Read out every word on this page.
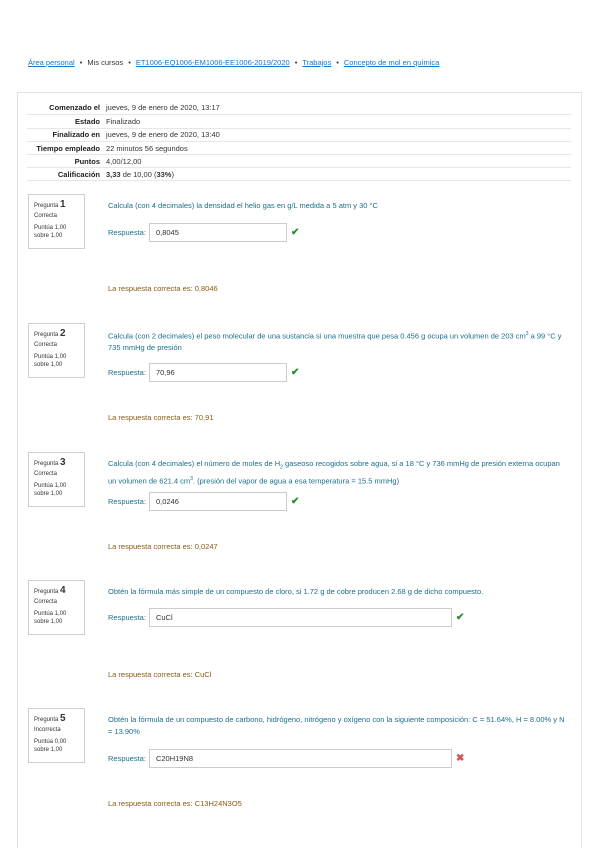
Área personal • Mis cursos • ET1006-EQ1006-EM1006-EE1006-2019/2020 • Trabajos • Concepto de mol en química
Comenzado el jueves, 9 de enero de 2020, 13:17
Estado Finalizado
Finalizado en jueves, 9 de enero de 2020, 13:40
Tiempo empleado 22 minutos 56 segundos
Puntos 4,00/12,00
Calificación 3,33 de 10,00 (33%)
Pregunta 1
Correcta
Puntúa 1,00
sobre 1,00
Calcula (con 4 decimales) la densidad el helio gas en g/L medida a 5 atm y 30 °C
Respuesta:	0,8045	✔
La respuesta correcta es: 0,8046
Pregunta 2
Correcta
Puntúa 1,00
sobre 1,00
Calcula (con 2 decimales) el peso molecular de una sustancia si una muestra que pesa 0.456 g ocupa un volumen de 203 $cm^3$ a 99 °C y 735 mmHg de presión
Respuesta:	70,96	✔
La respuesta correcta es: 70,91
Pregunta 3
Correcta
Puntúa 1,00
sobre 1,00
Calcula (con 4 decimales) el número de moles de $H_2$ gaseoso recogidos sobre agua, si a 18 °C y 736 mmHg de presión externa ocupan un volumen de 621.4 $cm^3$. (presión del vapor de agua a esa temperatura = 15.5 mmHg)
Respuesta:	0,0246	✔
La respuesta correcta es: 0,0247
Pregunta 4
Correcta
Puntúa 1,00
sobre 1,00
Obtén la fórmula más simple de un compuesto de cloro, si 1.72 g de cobre producen 2.68 g de dicho compuesto.
Respuesta:	CuCl	✔
La respuesta correcta es: CuCl
Pregunta 5
Incorrecta
Puntúa 0,00
sobre 1,00
Obtén la fórmula de un compuesto de carbono, hidrógeno, nitrógeno y oxígeno con la siguiente composición: C = 51.64%, H = 8.00% y N = 13.90%
Respuesta:	C20H19N8	✖
La respuesta correcta es: C13H24N3O5
